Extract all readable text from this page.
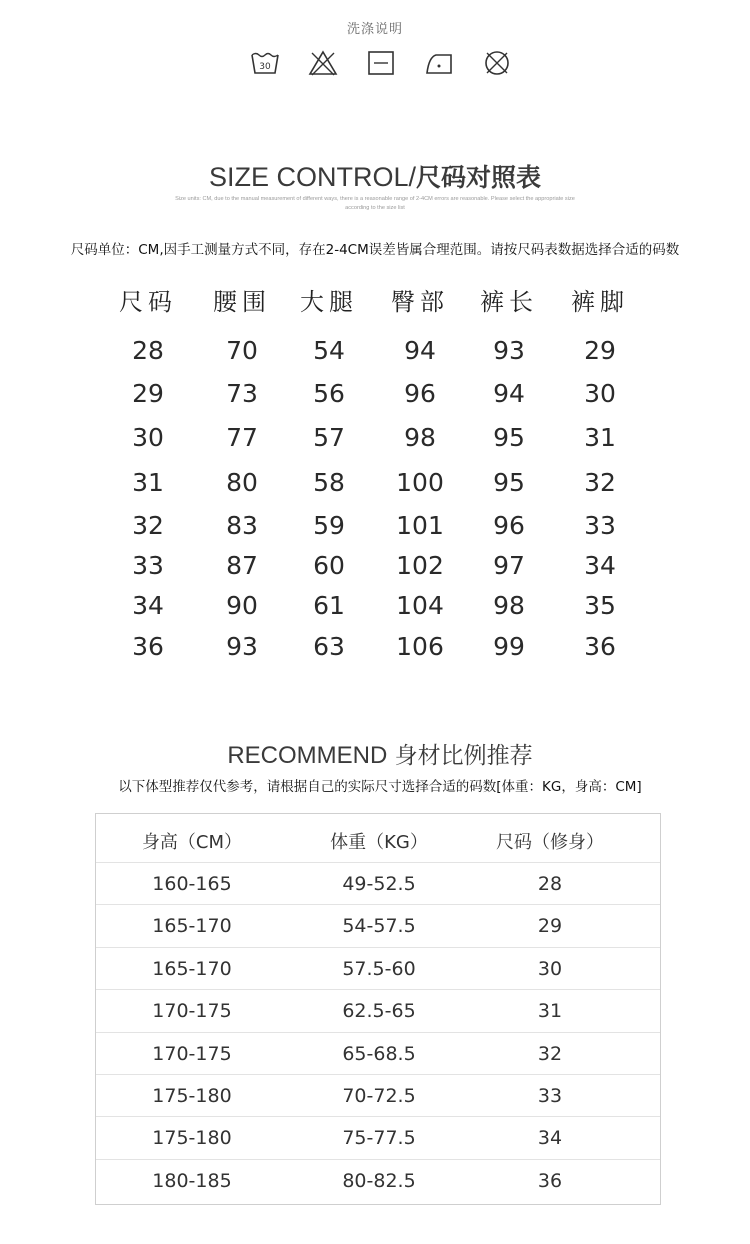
洗涤说明
30
SIZE CONTROL/尺码对照表
Size units: CM, due to the manual measurement of different ways, there is a reasonable range of 2-4CM errors are reasonable. Please select the appropriate size according to the size list
尺码单位：CM,因手工测量方式不同，存在2-4CM误差皆属合理范围。请按尺码表数据选择合适的码数
尺码	腰围	大腿	臀部	裤长	裤脚
28	70	54	94	93	29
29	73	56	96	94	30
30	77	57	98	95	31
31	80	58	100	95	32
32	83	59	101	96	33
33	87	60	102	97	34
34	90	61	104	98	35
36	93	63	106	99	36
RECOMMEND 身材比例推荐
以下体型推荐仅代参考，请根据自己的实际尺寸选择合适的码数[体重：KG，身高：CM]
身高（CM）	体重（KG）	尺码（修身）
160-165	49-52.5	28
165-170	54-57.5	29
165-170	57.5-60	30
170-175	62.5-65	31
170-175	65-68.5	32
175-180	70-72.5	33
175-180	75-77.5	34
180-185	80-82.5	36
